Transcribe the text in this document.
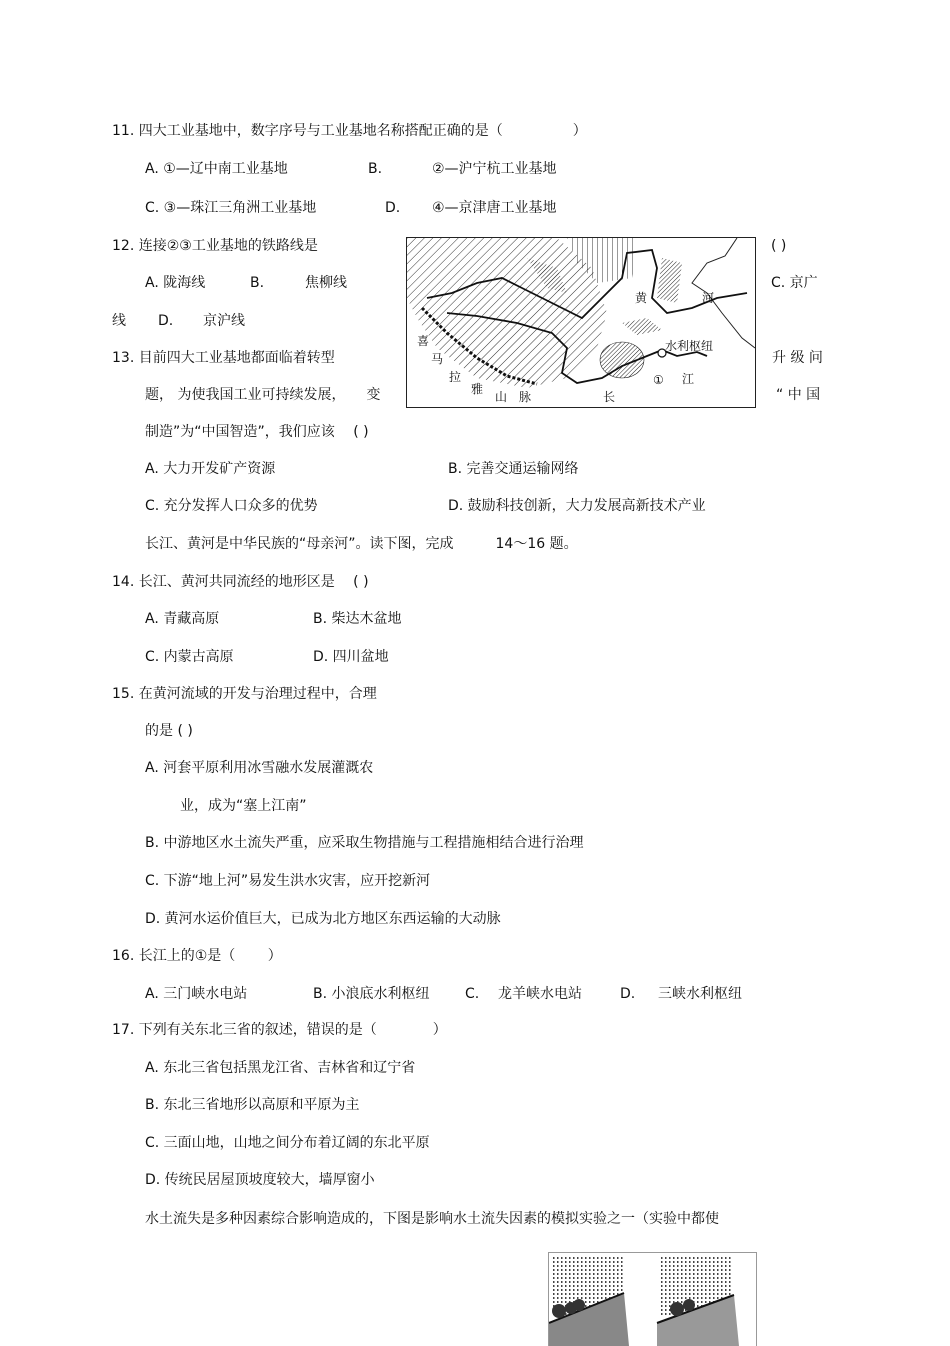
11. 四大工业基地中，数字序号与工业基地名称搭配正确的是（　　　　　）
A. ①—辽中南工业基地	B.	②—沪宁杭工业基地
C. ③—珠江三角洲工业基地	D. ④—京津唐工业基地
12. 连接②③工业基地的铁路线是	( )
A. 陇海线	B.	焦柳线	C. 京广
线 D. 京沪线
13. 目前四大工业基地都面临着转型	升 级 问
题， 为使我国工业可持续发展，　　变	“ 中 国
制造”为“中国智造”，我们应该　 ( )
A. 大力开发矿产资源	B. 完善交通运输网络
C. 充分发挥人口众多的优势	D. 鼓励科技创新，大力发展高新技术产业
长江、黄河是中华民族的“母亲河”。读下图，完成　　　14～16 题。
14. 长江、黄河共同流经的地形区是　 ( )
A. 青藏高原	B. 柴达木盆地
C. 内蒙古高原	D. 四川盆地
15. 在黄河流域的开发与治理过程中，合理
的是 ( )
A. 河套平原利用冰雪融水发展灌溉农
业，成为“塞上江南”
B. 中游地区水土流失严重，应采取生物措施与工程措施相结合进行治理
C. 下游“地上河”易发生洪水灾害，应开挖新河
D. 黄河水运价值巨大，已成为北方地区东西运输的大动脉
16. 长江上的①是（　　 ）
A. 三门峡水电站	B. 小浪底水利枢纽	C. 龙羊峡水电站	D. 三峡水利枢纽
17. 下列有关东北三省的叙述，错误的是（　　　　）
A. 东北三省包括黑龙江省、吉林省和辽宁省
B. 东北三省地形以高原和平原为主
C. 三面山地，山地之间分布着辽阔的东北平原
D. 传统民居屋顶坡度较大，墙厚窗小
水土流失是多种因素综合影响造成的，下图是影响水土流失因素的模拟实验之一（实验中都使
黄	河
水利枢纽
① 江
长
喜
马
拉
雅
山 脉
